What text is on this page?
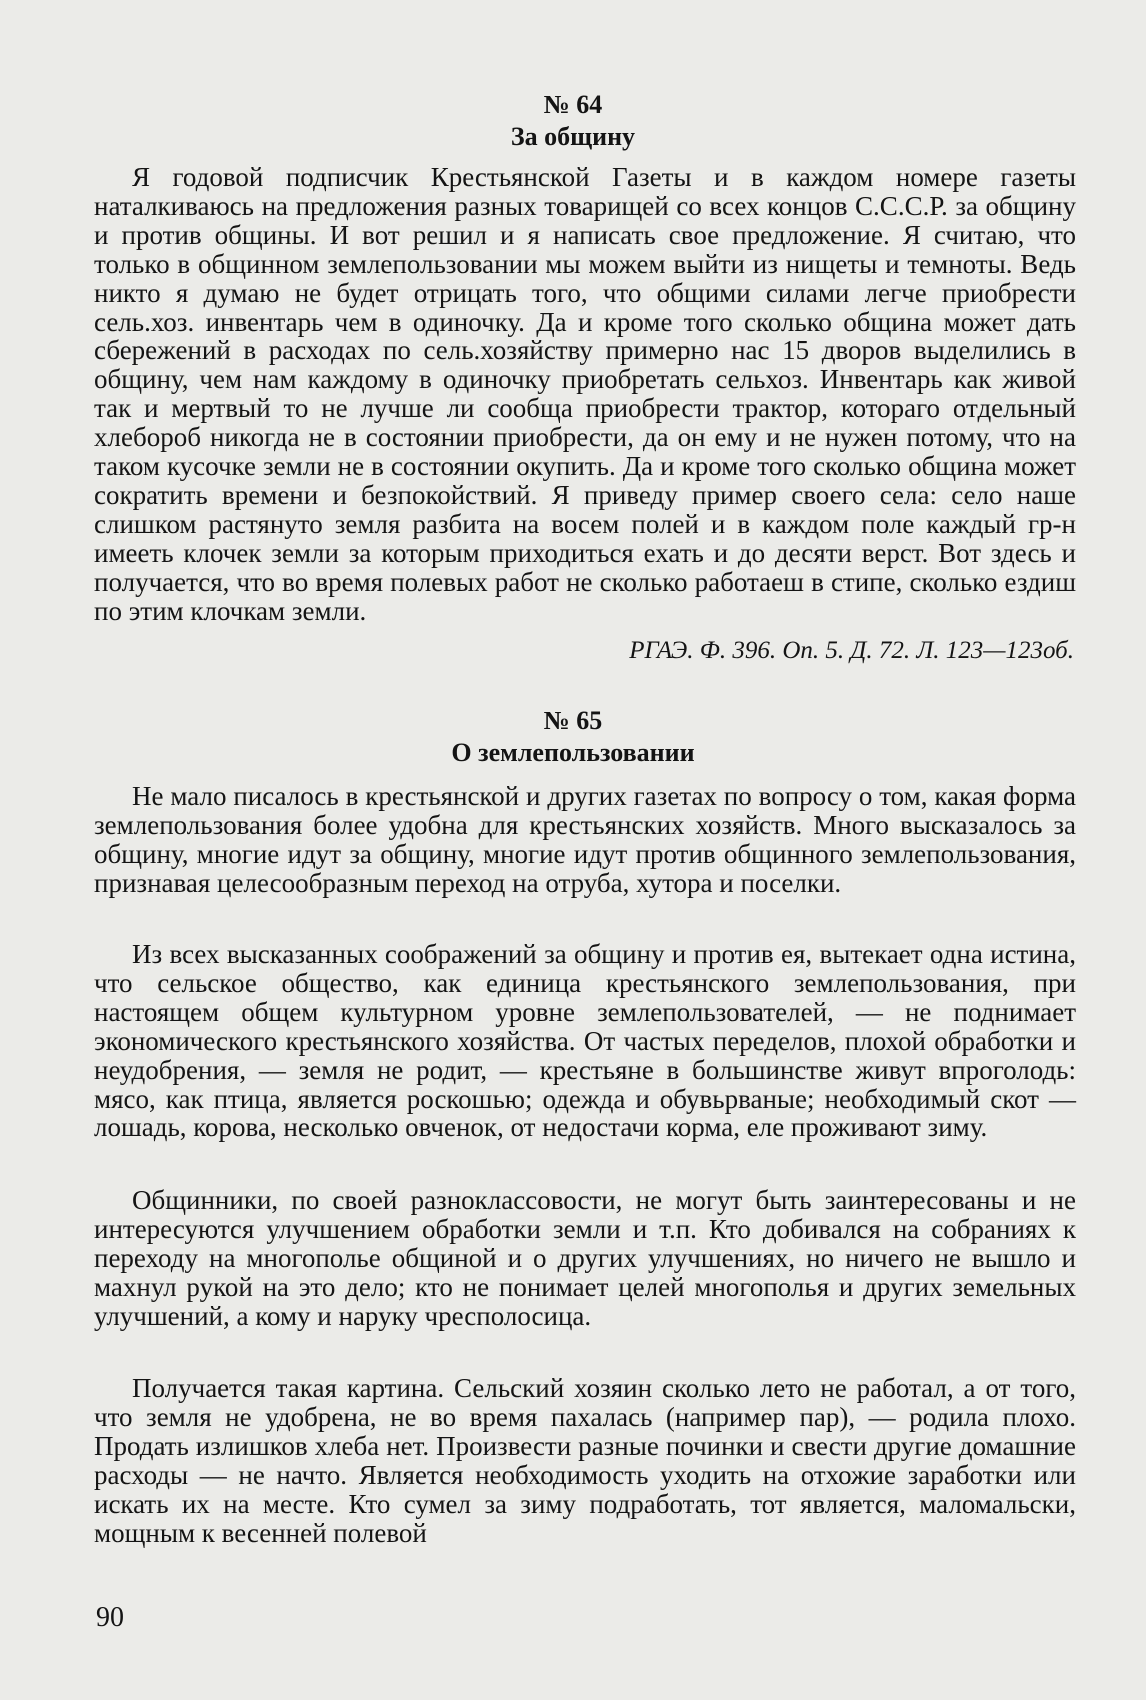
№ 64
За общину

Я годовой подписчик Крестьянской Газеты и в каждом номере газеты наталкиваюсь на предложения разных товарищей со всех концов С.С.С.Р. за общину и против общины. И вот решил и я написать свое предложение. Я считаю, что только в общинном землепользовании мы можем выйти из нищеты и темноты. Ведь никто я думаю не будет отрицать того, что общими силами легче приобрести сель.хоз. инвентарь чем в одиночку. Да и кроме того сколько община может дать сбережений в расходах по сель.хозяйству примерно нас 15 дворов выделились в общину, чем нам каждому в одиночку приобретать сельхоз. Инвентарь как живой так и мертвый то не лучше ли сообща приобрести трактор, котораго отдельный хлебороб никогда не в состоянии приобрести, да он ему и не нужен потому, что на таком кусочке земли не в состоянии окупить. Да и кроме того сколько община может сократить времени и безпокойствий. Я приведу пример своего села: село наше слишком растянуто земля разбита на восем полей и в каждом поле каждый гр-н имееть клочек земли за которым приходиться ехать и до десяти верст. Вот здесь и получается, что во время полевых работ не сколько работаеш в стипе, сколько ездиш по этим клочкам земли.

РГАЭ. Ф. 396. Оп. 5. Д. 72. Л. 123—123об.
№ 65
О землепользовании

Не мало писалось в крестьянской и других газетах по вопросу о том, какая форма землепользования более удобна для крестьянских хозяйств. Много высказалось за общину, многие идут за общину, многие идут против общинного землепользования, признавая целесообразным переход на отруба, хутора и поселки.

Из всех высказанных соображений за общину и против ея, вытекает одна истина, что сельское общество, как единица крестьянского землепользования, при настоящем общем культурном уровне землепользователей, — не поднимает экономического крестьянского хозяйства. От частых переделов, плохой обработки и неудобрения, — земля не родит, — крестьяне в большинстве живут впроголодь: мясо, как птица, является роскошью; одежда и обувьрваные; необходимый скот — лошадь, корова, несколько овченок, от недостачи корма, еле проживают зиму.

Общинники, по своей разноклассовости, не могут быть заинтересованы и не интересуются улучшением обработки земли и т.п. Кто добивался на собраниях к переходу на многополье общиной и о других улучшениях, но ничего не вышло и махнул рукой на это дело; кто не понимает целей многополья и других земельных улучшений, а кому и наруку чресполосица.

Получается такая картина. Сельский хозяин сколько лето не работал, а от того, что земля не удобрена, не во время пахалась (например пар), — родила плохо. Продать излишков хлеба нет. Произвести разные починки и свести другие домашние расходы — не начто. Является необходимость уходить на отхожие заработки или искать их на месте. Кто сумел за зиму подработать, тот является, маломальски, мощным к весенней полевой

90
